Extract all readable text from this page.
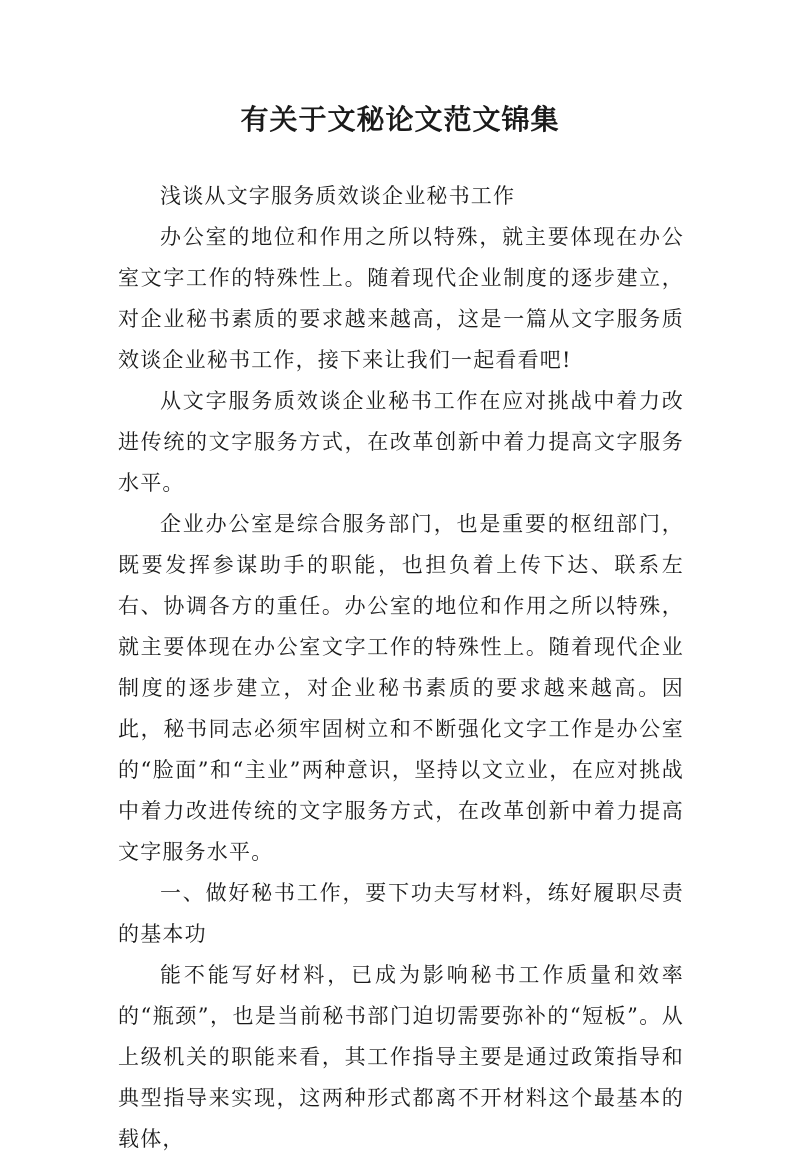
有关于文秘论文范文锦集

浅谈从文字服务质效谈企业秘书工作

办公室的地位和作用之所以特殊，就主要体现在办公室文字工作的特殊性上。随着现代企业制度的逐步建立，对企业秘书素质的要求越来越高，这是一篇从文字服务质效谈企业秘书工作，接下来让我们一起看看吧!

从文字服务质效谈企业秘书工作在应对挑战中着力改进传统的文字服务方式，在改革创新中着力提高文字服务水平。

企业办公室是综合服务部门，也是重要的枢纽部门，既要发挥参谋助手的职能，也担负着上传下达、联系左右、协调各方的重任。办公室的地位和作用之所以特殊，就主要体现在办公室文字工作的特殊性上。随着现代企业制度的逐步建立，对企业秘书素质的要求越来越高。因此，秘书同志必须牢固树立和不断强化文字工作是办公室的“脸面”和“主业”两种意识，坚持以文立业，在应对挑战中着力改进传统的文字服务方式，在改革创新中着力提高文字服务水平。

一、做好秘书工作，要下功夫写材料，练好履职尽责的基本功

能不能写好材料，已成为影响秘书工作质量和效率的“瓶颈”，也是当前秘书部门迫切需要弥补的“短板”。从上级机关的职能来看，其工作指导主要是通过政策指导和典型指导来实现，这两种形式都离不开材料这个最基本的载体，
